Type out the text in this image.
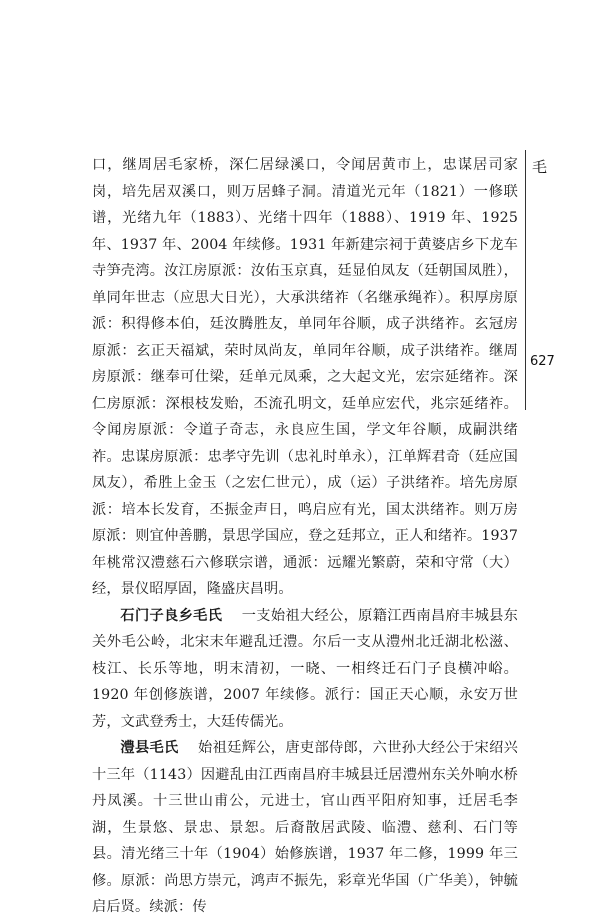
毛
627

口，继周居毛家桥，深仁居绿溪口，令闻居黄市上，忠谋居司家岗，培先居双溪口，则万居蜂子洞。清道光元年（1821）一修联谱，光绪九年（1883）、光绪十四年（1888）、1919 年、1925 年、1937 年、2004 年续修。1931 年新建宗祠于黄婆店乡下龙车寺笋壳湾。汝江房原派：汝佑玉京真，廷显伯凤友（廷朝国凤胜），单同年世志（应思大日光），大承洪绪祚（名继承绳祚）。积厚房原派：积得修本伯，廷汝腾胜友，单同年谷顺，成子洪绪祚。玄冠房原派：玄正天福斌，荣时凤尚友，单同年谷顺，成子洪绪祚。继周房原派：继奉可仕梁，廷单元凤乘，之大起文光，宏宗延绪祚。深仁房原派：深根枝发贻，丕流孔明文，廷单应宏代，兆宗延绪祚。令闻房原派：令道子奇志，永良应生国，学文年谷顺，成嗣洪绪祚。忠谋房原派：忠孝守先训（忠礼时单永），江单辉君奇（廷应国凤友），希胜上金玉（之宏仁世元），成（运）子洪绪祚。培先房原派：培本长发育，丕振金声日，鸣启应有光，国太洪绪祚。则万房原派：则宜仲善鹏，景思学国应，登之廷邦立，正人和绪祚。1937 年桃常汉澧慈石六修联宗谱，通派：远耀光繁蔚，荣和守常（大）经，景仪昭厚固，隆盛庆昌明。

石门子良乡毛氏　 一支始祖大经公，原籍江西南昌府丰城县东关外毛公岭，北宋末年避乱迁澧。尔后一支从澧州北迁湖北松滋、枝江、长乐等地，明末清初，一晓、一相终迁石门子良横冲峪。1920 年创修族谱，2007 年续修。派行：国正天心顺，永安万世芳，文武登秀士，大廷传儒光。

澧县毛氏　 始祖廷辉公，唐吏部侍郎，六世孙大经公于宋绍兴十三年（1143）因避乱由江西南昌府丰城县迁居澧州东关外响水桥丹凤溪。十三世山甫公，元进士，官山西平阳府知事，迁居毛李湖，生景悠、景忠、景恕。后裔散居武陵、临澧、慈利、石门等县。清光绪三十年（1904）始修族谱，1937 年二修，1999 年三修。原派：尚思方崇元，鸿声不振先，彩章光华国（广华美），钟毓启后贤。续派：传
